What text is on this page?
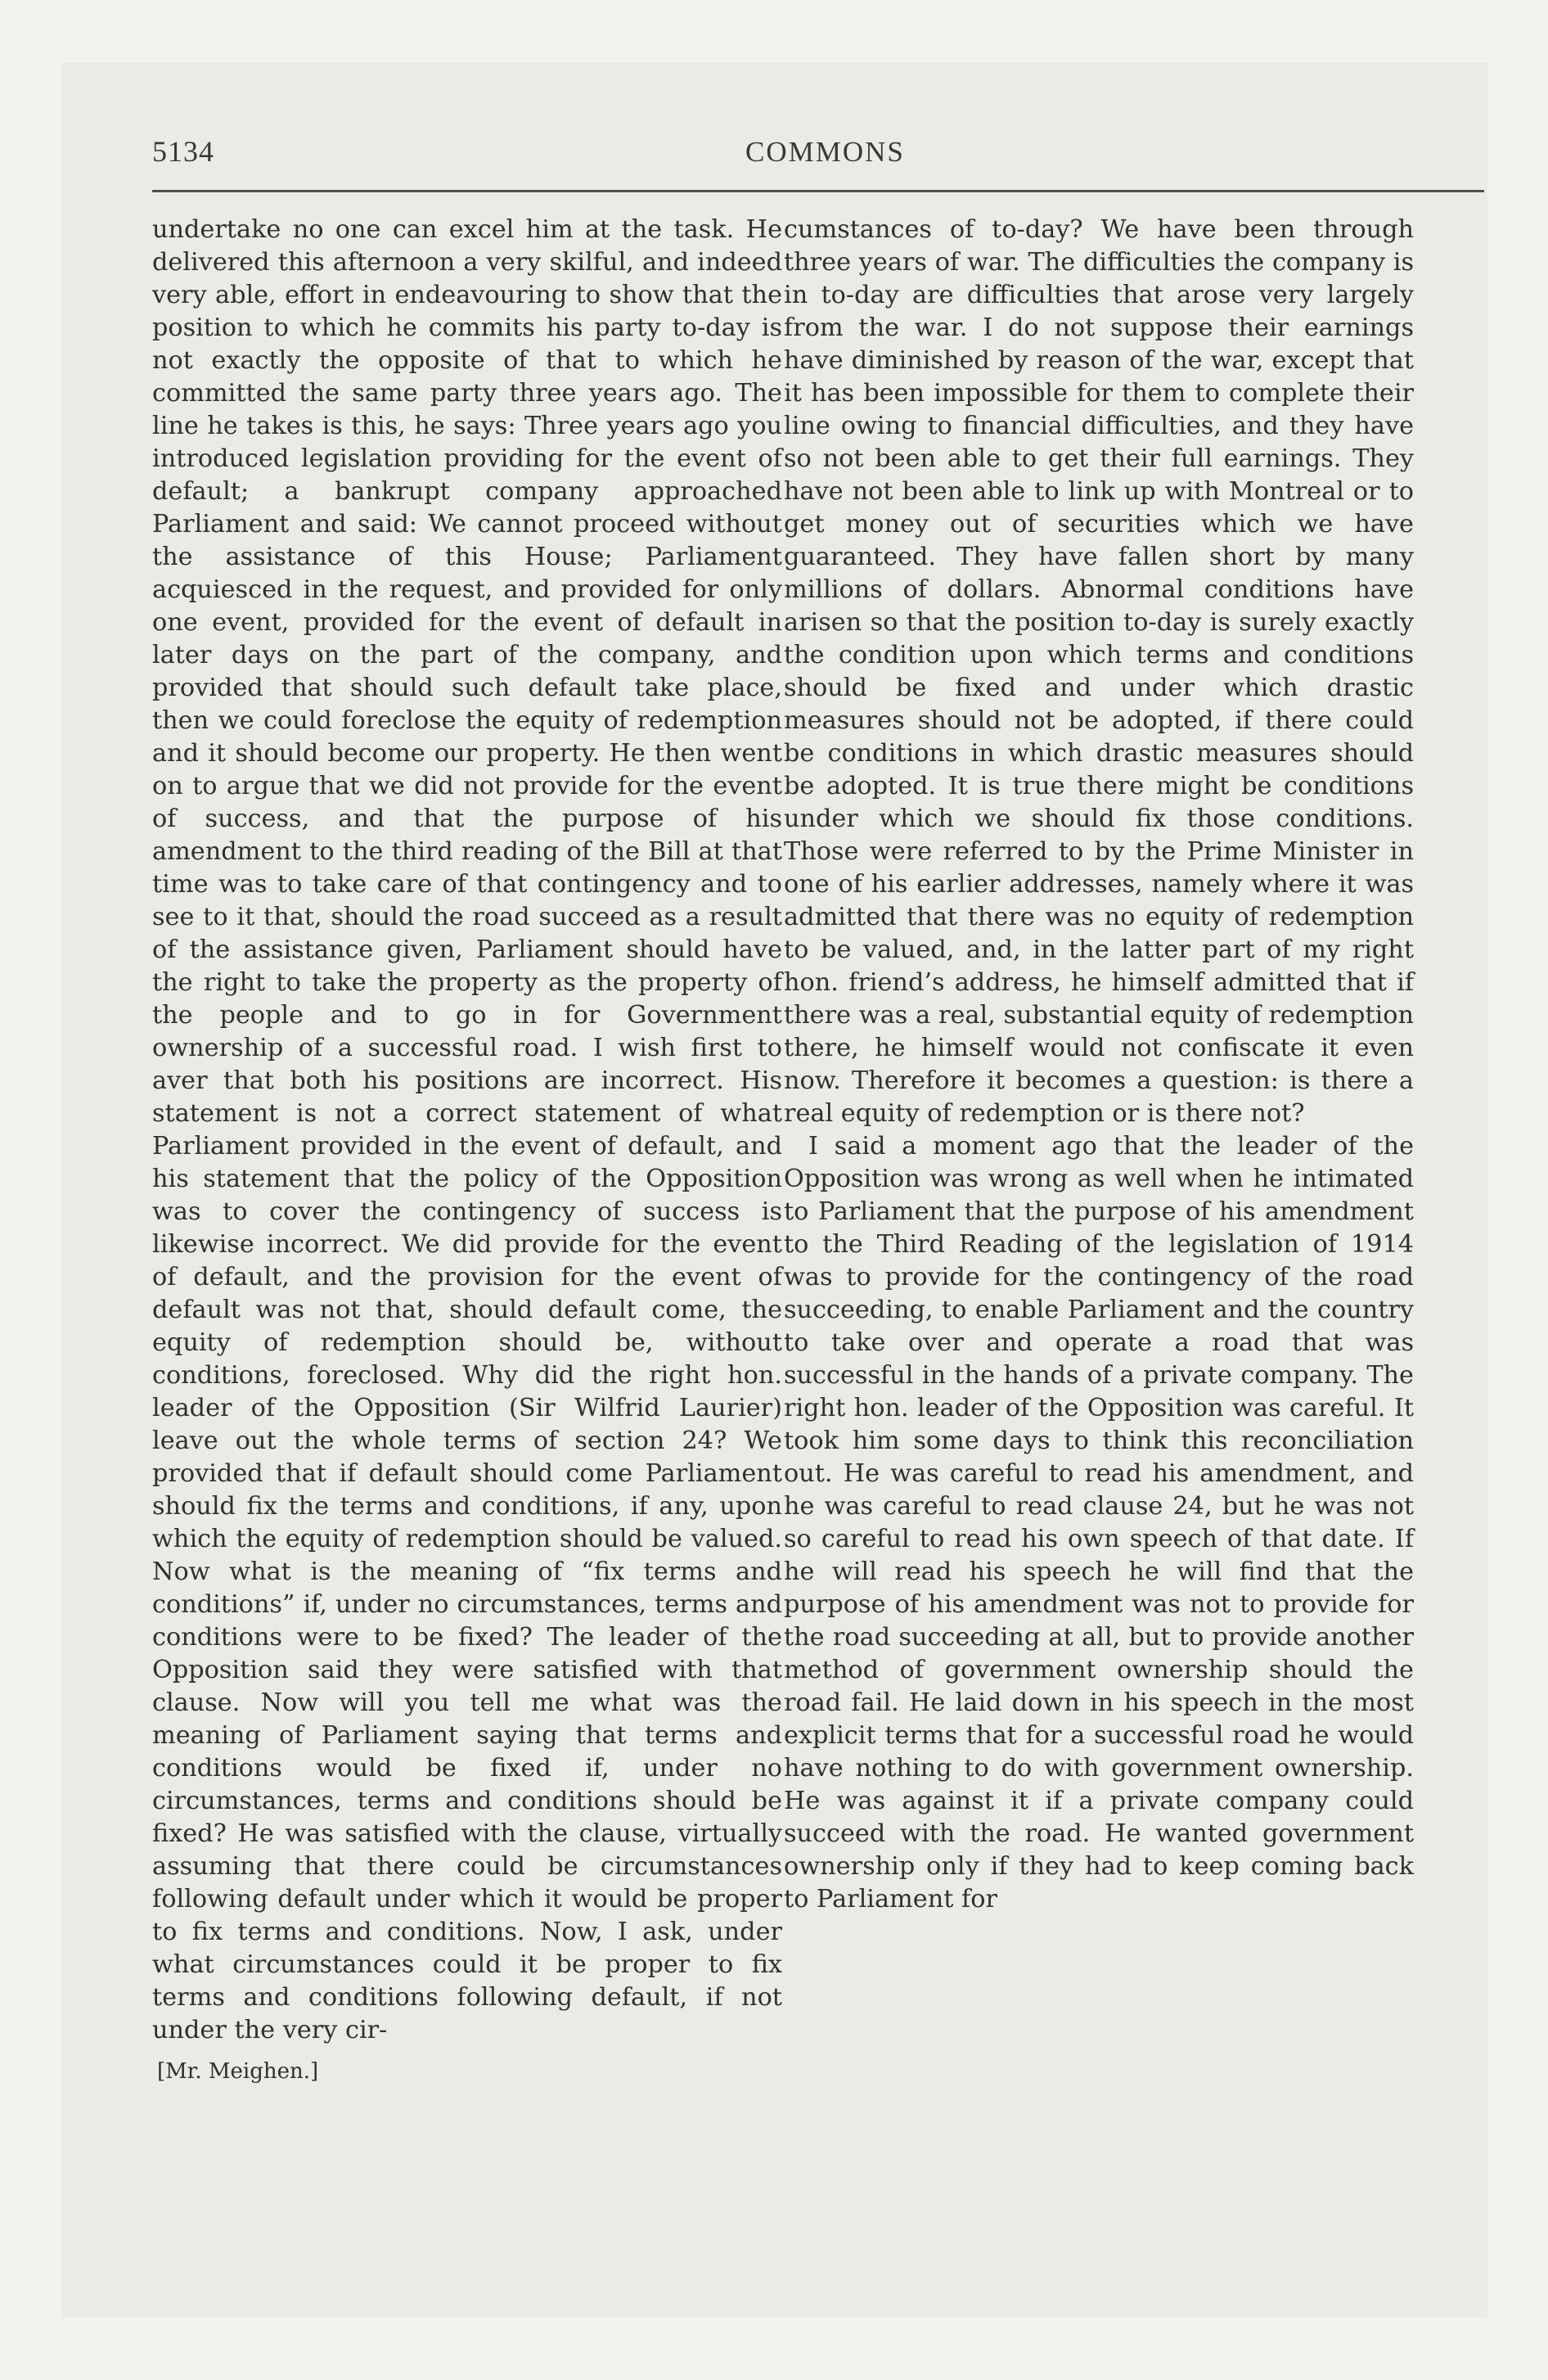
5134	COMMONS

undertake no one can excel him at the task. He delivered this afternoon a very skilful, and indeed very able, effort in endeavouring to show that the position to which he commits his party to-day is not exactly the opposite of that to which he committed the same party three years ago. The line he takes is this, he says: Three years ago you introduced legislation providing for the event of default; a bankrupt company approached Parliament and said: We cannot proceed without the assistance of this House; Parliament acquiesced in the request, and provided for only one event, provided for the event of default in later days on the part of the company, and provided that should such default take place, then we could foreclose the equity of redemption and it should become our property. He then went on to argue that we did not provide for the event of success, and that the purpose of his amendment to the third reading of the Bill at that time was to take care of that contingency and to see to it that, should the road succeed as a result of the assistance given, Parliament should have the right to take the property as the property of the people and to go in for Government ownership of a successful road. I wish first to aver that both his positions are incorrect. His statement is not a correct statement of what Parliament provided in the event of default, and his statement that the policy of the Opposition was to cover the contingency of success is likewise incorrect. We did provide for the event of default, and the provision for the event of default was not that, should default come, the equity of redemption should be, without conditions, foreclosed. Why did the right hon. leader of the Opposition (Sir Wilfrid Laurier) leave out the whole terms of section 24? We provided that if default should come Parliament should fix the terms and conditions, if any, upon which the equity of redemption should be valued. Now what is the meaning of “fix terms and conditions” if, under no circumstances, terms and conditions were to be fixed? The leader of the Opposition said they were satisfied with that clause. Now will you tell me what was the meaning of Parliament saying that terms and conditions would be fixed if, under no circumstances, terms and conditions should be fixed? He was satisfied with the clause, virtually assuming that there could be circumstances following default under which it would be proper to fix terms and conditions. Now, I ask, under what circumstances could it be proper to fix terms and conditions following default, if not under the very cir-

[Mr. Meighen.]

cumstances of to-day? We have been through three years of war. The difficulties the company is in to-day are difficulties that arose very largely from the war. I do not suppose their earnings have diminished by reason of the war, except that it has been impossible for them to complete their line owing to financial difficulties, and they have so not been able to get their full earnings. They have not been able to link up with Montreal or to get money out of securities which we have guaranteed. They have fallen short by many millions of dollars. Abnormal conditions have arisen so that the position to-day is surely exactly the condition upon which terms and conditions should be fixed and under which drastic measures should not be adopted, if there could be conditions in which drastic measures should be adopted. It is true there might be conditions under which we should fix those conditions. Those were referred to by the Prime Minister in one of his earlier addresses, namely where it was admitted that there was no equity of redemption to be valued, and, in the latter part of my right hon. friend’s address, he himself admitted that if there was a real, substantial equity of redemption there, he himself would not confiscate it even now. Therefore it becomes a question: is there a real equity of redemption or is there not?

I said a moment ago that the leader of the Opposition was wrong as well when he intimated to Parliament that the purpose of his amendment to the Third Reading of the legislation of 1914 was to provide for the contingency of the road succeeding, to enable Parliament and the country to take over and operate a road that was successful in the hands of a private company. The right hon. leader of the Opposition was careful. It took him some days to think this reconciliation out. He was careful to read his amendment, and he was careful to read clause 24, but he was not so careful to read his own speech of that date. If he will read his speech he will find that the purpose of his amendment was not to provide for the road succeeding at all, but to provide another method of government ownership should the road fail. He laid down in his speech in the most explicit terms that for a successful road he would have nothing to do with government ownership. He was against it if a private company could succeed with the road. He wanted government ownership only if they had to keep coming back to Parliament for
